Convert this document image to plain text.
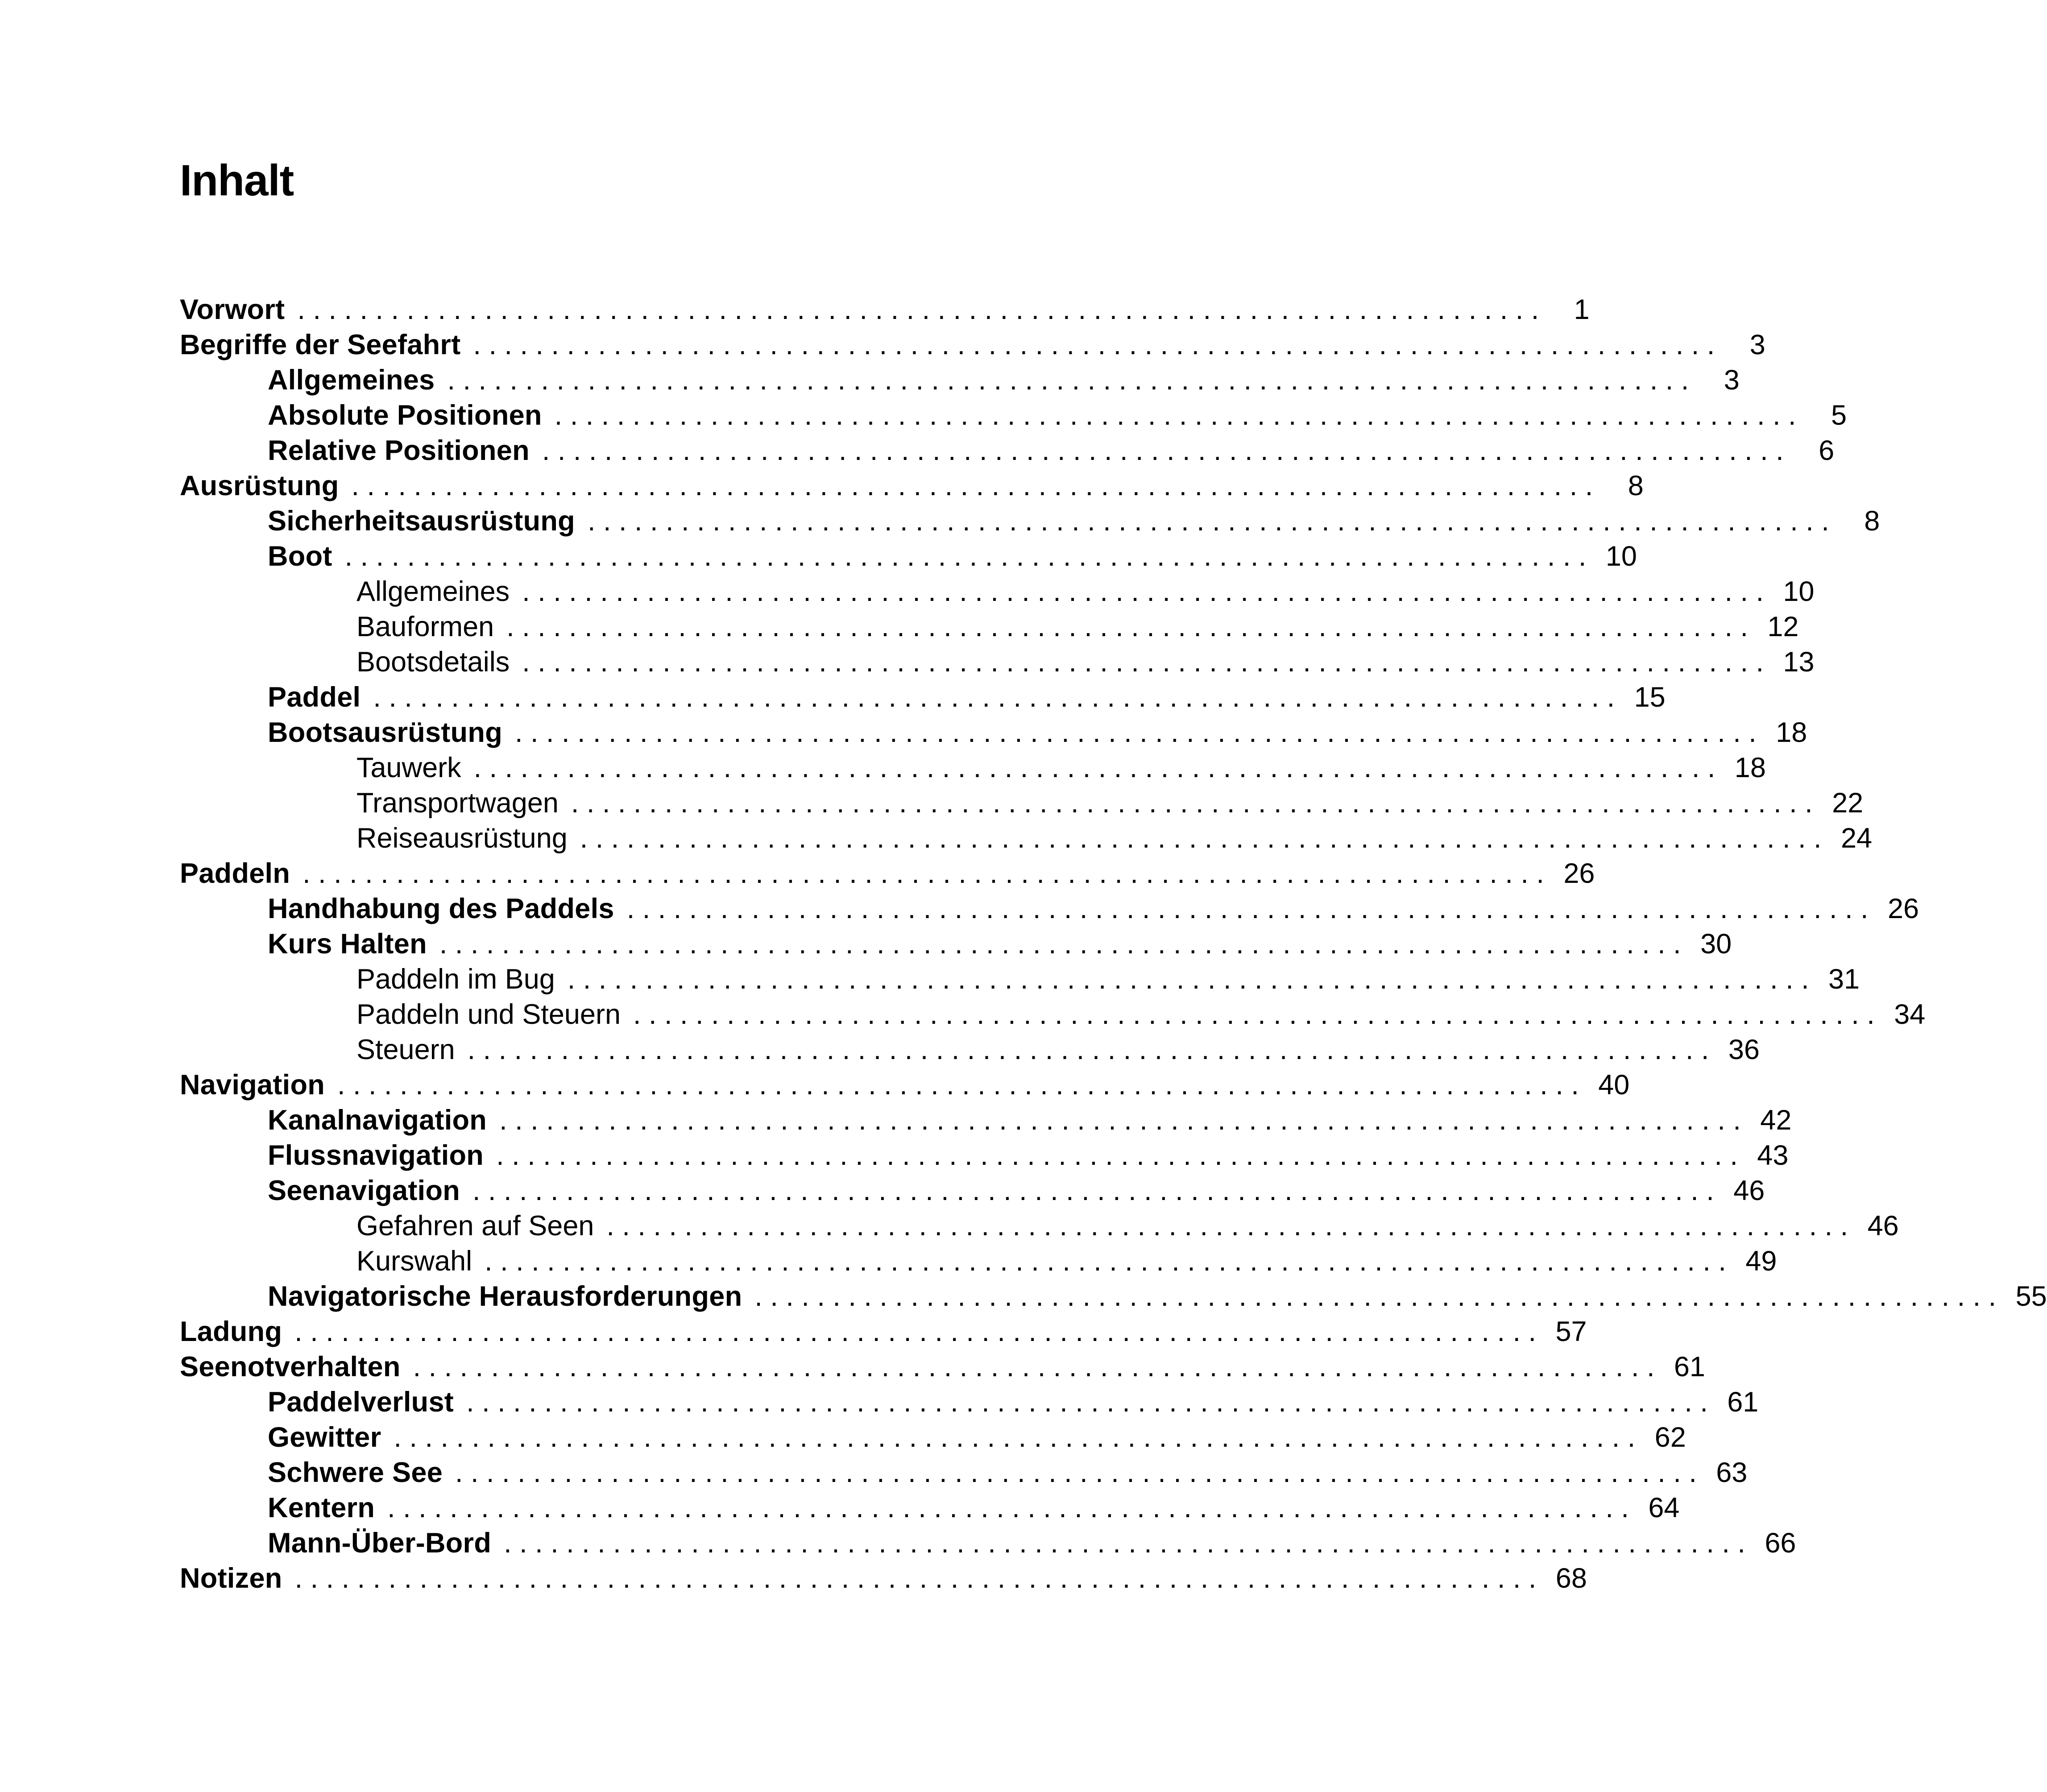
Inhalt
Vorwort ................................................................................ 1
Begriffe der Seefahrt ................................................................................ 3
Allgemeines ................................................................................ 3
Absolute Positionen ................................................................................ 5
Relative Positionen ................................................................................ 6
Ausrüstung ................................................................................ 8
Sicherheitsausrüstung ................................................................................ 8
Boot ................................................................................ 10
Allgemeines ................................................................................ 10
Bauformen ................................................................................ 12
Bootsdetails ................................................................................ 13
Paddel ................................................................................ 15
Bootsausrüstung ................................................................................ 18
Tauwerk ................................................................................ 18
Transportwagen ................................................................................ 22
Reiseausrüstung ................................................................................ 24
Paddeln ................................................................................ 26
Handhabung des Paddels ................................................................................ 26
Kurs Halten ................................................................................ 30
Paddeln im Bug ................................................................................ 31
Paddeln und Steuern ................................................................................ 34
Steuern ................................................................................ 36
Navigation ................................................................................ 40
Kanalnavigation ................................................................................ 42
Flussnavigation ................................................................................ 43
Seenavigation ................................................................................ 46
Gefahren auf Seen ................................................................................ 46
Kurswahl ................................................................................ 49
Navigatorische Herausforderungen ................................................................................ 55
Ladung ................................................................................ 57
Seenotverhalten ................................................................................ 61
Paddelverlust ................................................................................ 61
Gewitter ................................................................................ 62
Schwere See ................................................................................ 63
Kentern ................................................................................ 64
Mann-Über-Bord ................................................................................ 66
Notizen ................................................................................ 68
